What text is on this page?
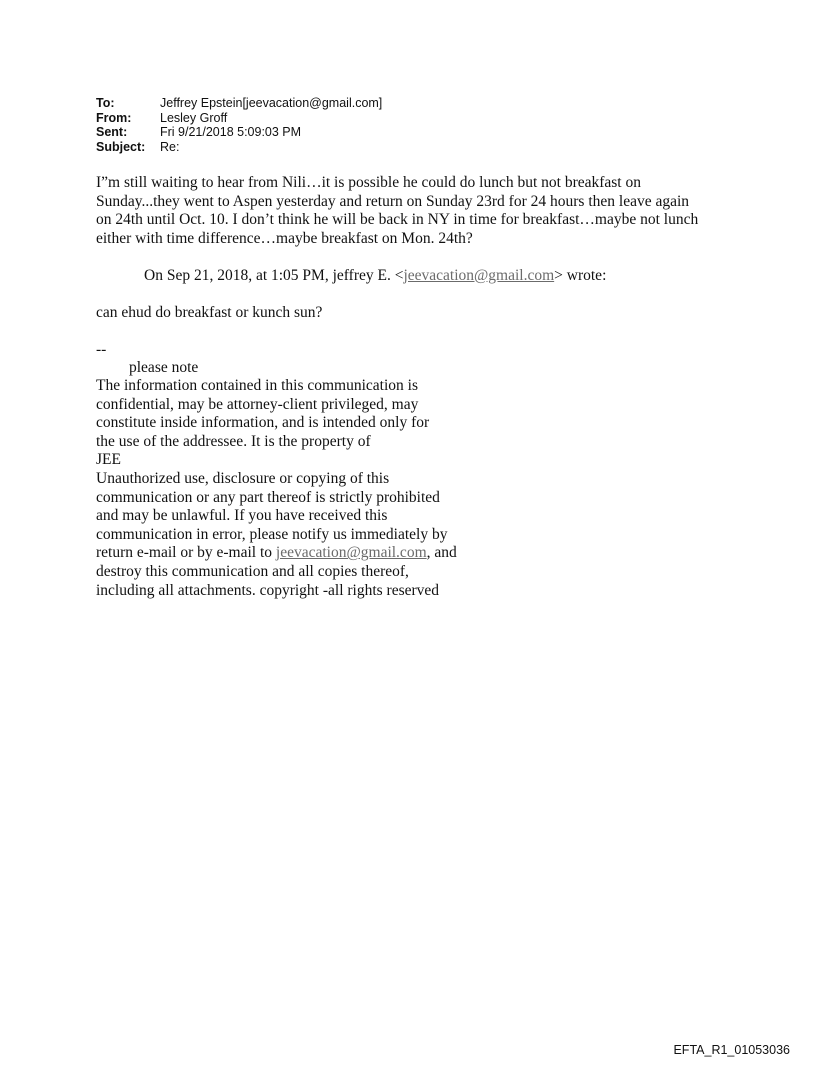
To:	Jeffrey Epstein[jeevacation@gmail.com]
From:	Lesley Groff
Sent:	Fri 9/21/2018 5:09:03 PM
Subject:	Re:
I”m still waiting to hear from Nili…it is possible he could do lunch but not breakfast on
Sunday...they went to Aspen yesterday and return on Sunday 23rd for 24 hours then leave again
on 24th until Oct. 10. I don’t think he will be back in NY in time for breakfast…maybe not lunch
either with time difference…maybe breakfast on Mon. 24th?
On Sep 21, 2018, at 1:05 PM, jeffrey E. <jeevacation@gmail.com> wrote:
can ehud do breakfast or kunch sun?
--
please note
The information contained in this communication is
confidential, may be attorney-client privileged, may
constitute inside information, and is intended only for
the use of the addressee. It is the property of
JEE
Unauthorized use, disclosure or copying of this
communication or any part thereof is strictly prohibited
and may be unlawful. If you have received this
communication in error, please notify us immediately by
return e-mail or by e-mail to jeevacation@gmail.com, and
destroy this communication and all copies thereof,
including all attachments. copyright -all rights reserved
EFTA_R1_01053036
